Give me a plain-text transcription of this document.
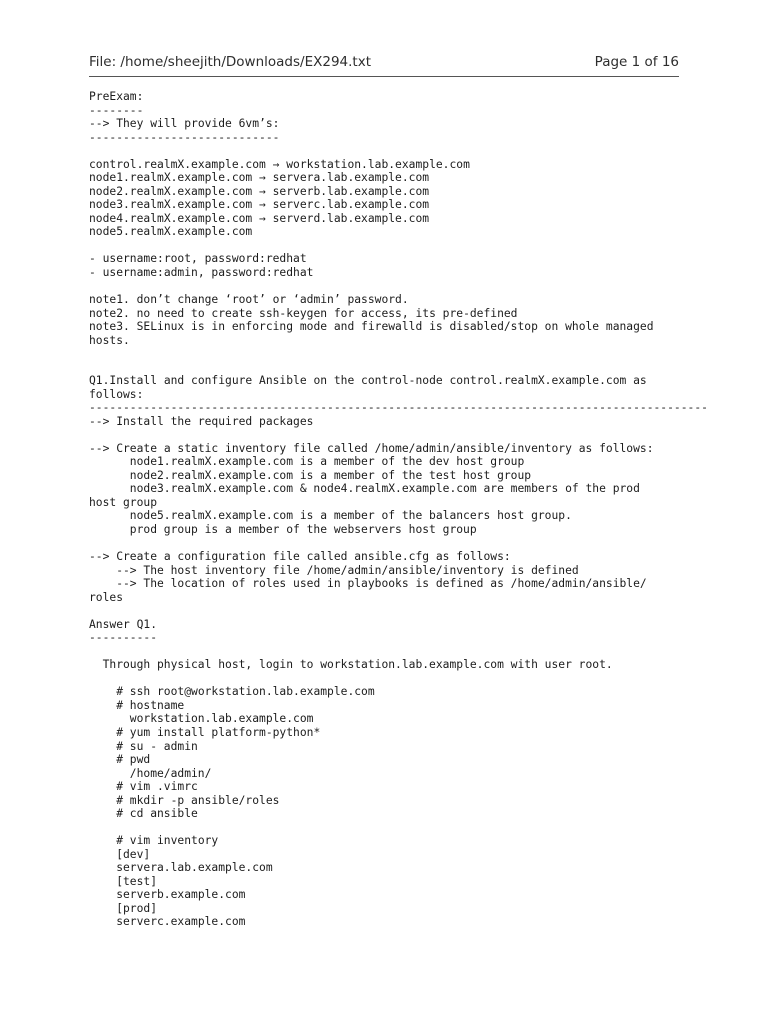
File: /home/sheejith/Downloads/EX294.txt	Page 1 of 16
PreExam:
--------
--> They will provide 6vm’s:
----------------------------
control.realmX.example.com → workstation.lab.example.com
node1.realmX.example.com → servera.lab.example.com
node2.realmX.example.com → serverb.lab.example.com
node3.realmX.example.com → serverc.lab.example.com
node4.realmX.example.com → serverd.lab.example.com
node5.realmX.example.com
- username:root, password:redhat
- username:admin, password:redhat
note1. don’t change ‘root’ or ‘admin’ password.
note2. no need to create ssh-keygen for access, its pre-defined
note3. SELinux is in enforcing mode and firewalld is disabled/stop on whole managed
hosts.
Q1.Install and configure Ansible on the control-node control.realmX.example.com as
follows:
-------------------------------------------------------------------------------------------
--> Install the required packages
--> Create a static inventory file called /home/admin/ansible/inventory as follows:
node1.realmX.example.com is a member of the dev host group
node2.realmX.example.com is a member of the test host group
node3.realmX.example.com & node4.realmX.example.com are members of the prod
host group
node5.realmX.example.com is a member of the balancers host group.
prod group is a member of the webservers host group
--> Create a configuration file called ansible.cfg as follows:
--> The host inventory file /home/admin/ansible/inventory is defined
--> The location of roles used in playbooks is defined as /home/admin/ansible/
roles
Answer Q1.
----------
Through physical host, login to workstation.lab.example.com with user root.
# ssh root@workstation.lab.example.com
# hostname
workstation.lab.example.com
# yum install platform-python*
# su - admin
# pwd
/home/admin/
# vim .vimrc
# mkdir -p ansible/roles
# cd ansible
# vim inventory
[dev]
servera.lab.example.com
[test]
serverb.example.com
[prod]
serverc.example.com
